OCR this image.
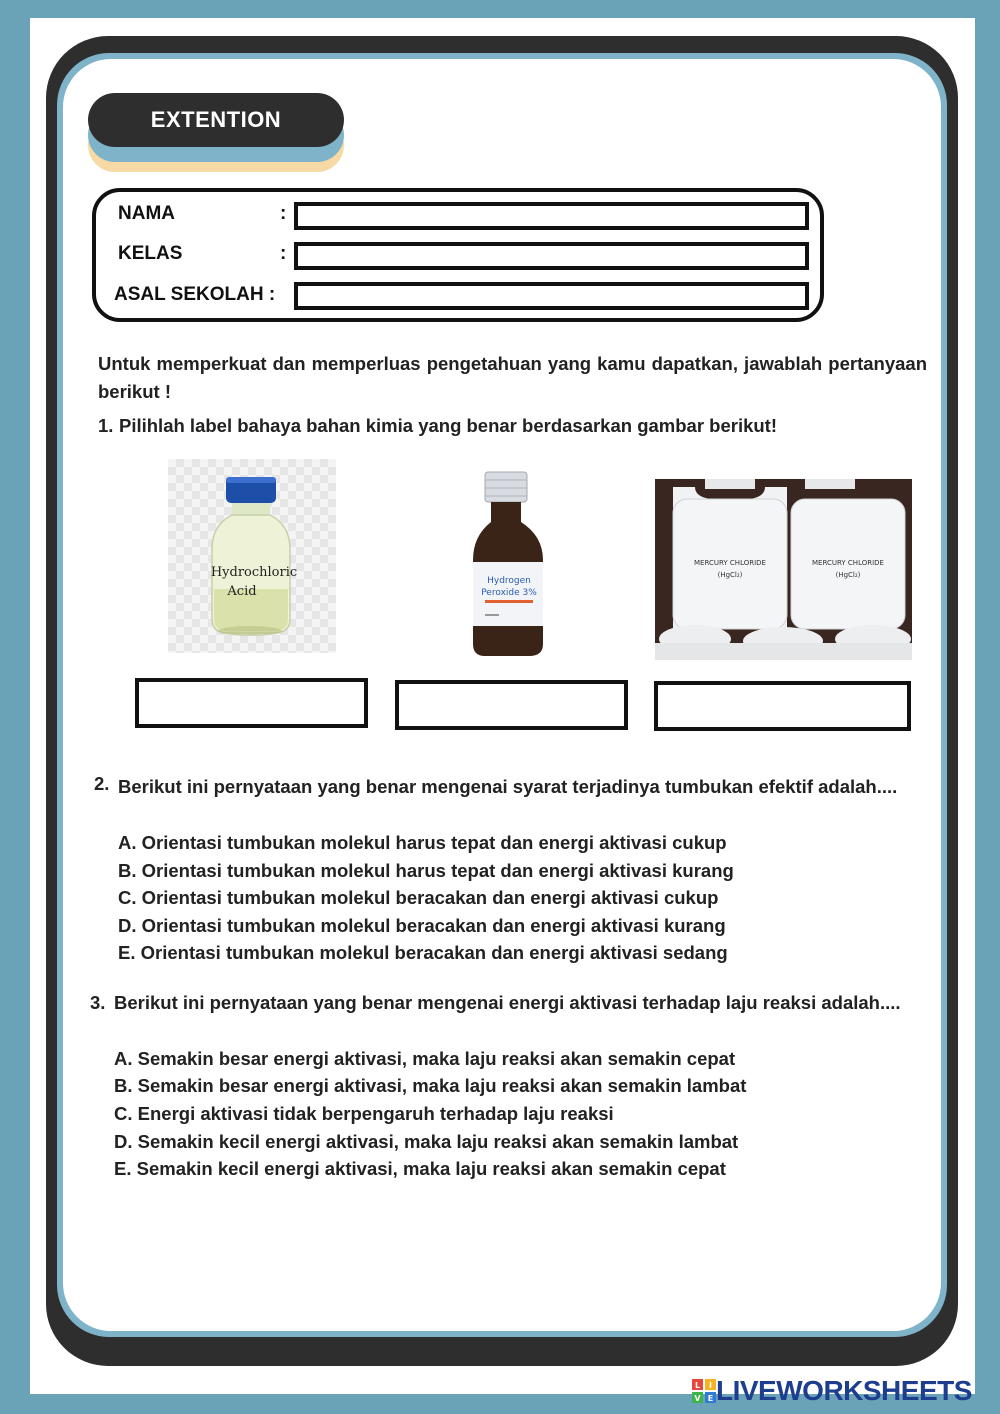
EXTENTION
NAMA	:
KELAS	:
ASAL SEKOLAH :
Untuk memperkuat dan memperluas pengetahuan yang kamu dapatkan, jawablah pertanyaan berikut !
1. Pilihlah label bahaya bahan kimia yang benar berdasarkan gambar berikut!
Hydrochloric
Acid
Hydrogen
Peroxide 3%
MERCURY CHLORIDE
(HgCl₂)
MERCURY CHLORIDE
(HgCl₂)
2. Berikut ini pernyataan yang benar mengenai syarat terjadinya tumbukan efektif adalah....
A. Orientasi tumbukan molekul harus tepat dan energi aktivasi cukup
B. Orientasi tumbukan molekul harus tepat dan energi aktivasi kurang
C. Orientasi tumbukan molekul beracakan dan energi aktivasi cukup
D. Orientasi tumbukan molekul beracakan dan energi aktivasi kurang
E. Orientasi tumbukan molekul beracakan dan energi aktivasi sedang
3. Berikut ini pernyataan yang benar mengenai energi aktivasi terhadap laju reaksi adalah....
A. Semakin besar energi aktivasi, maka laju reaksi akan semakin cepat
B. Semakin besar energi aktivasi, maka laju reaksi akan semakin lambat
C. Energi aktivasi tidak berpengaruh terhadap laju reaksi
D. Semakin kecil energi aktivasi, maka laju reaksi akan semakin lambat
E. Semakin kecil energi aktivasi, maka laju reaksi akan semakin cepat
L I
V E LIVEWORKSHEETS
